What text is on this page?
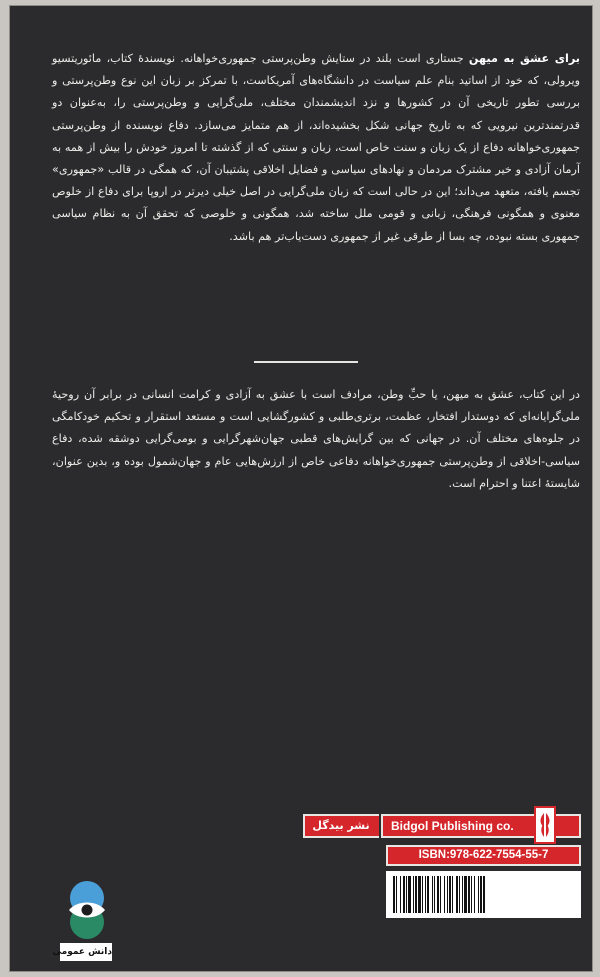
برای عشق به میهن جستاری است بلند در ستایش وطن‌پرستی جمهوری‌خواهانه. نویسندهٔ کتاب، مائوریتسیو ویرولی، که خود از اساتید بنام علم سیاست در دانشگاه‌های آمریکاست، با تمرکز بر زبان این نوع وطن‌پرستی و بررسی تطور تاریخی آن در کشورها و نزد اندیشمندان مختلف، ملی‌گرایی و وطن‌پرستی را، به‌عنوان دو قدرتمندترین نیرویی که به تاریخ جهانی شکل بخشیده‌اند، از هم متمایز می‌سازد. دفاع نویسنده از وطن‌پرستی جمهوری‌خواهانه دفاع از یک زبان و سنت خاص است، زبان و سنتی که از گذشته تا امروز خودش را بیش از همه به آرمان آزادی و خیر مشترک مردمان و نهادهای سیاسی و فضایل اخلاقی پشتیبان آن، که همگی در قالب «جمهوری» تجسم یافته، متعهد می‌داند؛ این در حالی است که زبان ملی‌گرایی در اصل خیلی دیرتر در اروپا برای دفاع از خلوص معنوی و همگونی فرهنگی، زبانی و قومی ملل ساخته شد، همگونی و خلوصی که تحقق آن به نظام سیاسی جمهوری بسته نبوده، چه بسا از طرقی غیر از جمهوری دست‌یاب‌تر هم باشد.
در این کتاب، عشق به میهن، یا حبِّ وطن، مرادف است با عشق به آزادی و کرامت انسانی در برابر آن روحیهٔ ملی‌گرایانه‌ای که دوستدار افتخار، عظمت، برتری‌طلبی و کشورگشایی است و مستعد استقرار و تحکیم خودکامگی در جلوه‌های مختلف آن. در جهانی که بین گرایش‌های قطبی جهان‌شهرگرایی و بومی‌گرایی دوشقه شده، دفاع سیاسی-اخلاقی از وطن‌پرستی جمهوری‌خواهانه دفاعی خاص از ارزش‌هایی عام و جهان‌شمول بوده و، بدین عنوان، شایستهٔ اعتنا و احترام است.
Bidgol Publishing co.
نشر بیدگل
ISBN:978-622-7554-55-7
دانش عمومی
